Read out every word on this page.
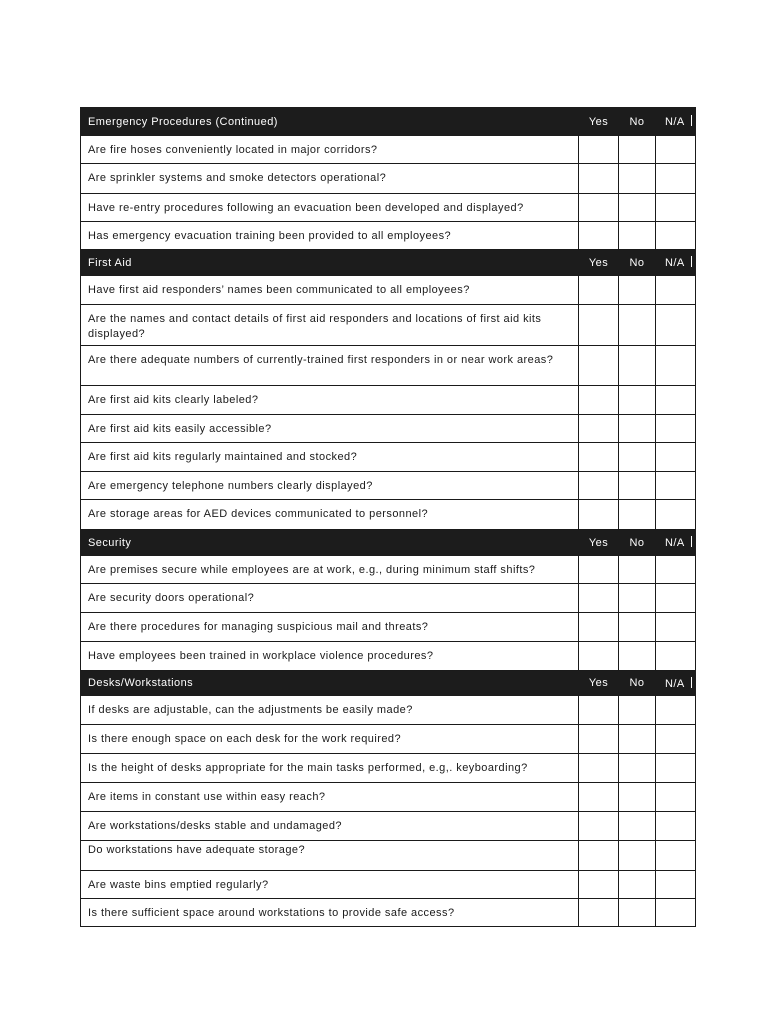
Emergency Procedures (Continued)	Yes	No	N/A
Are fire hoses conveniently located in major corridors?			
Are sprinkler systems and smoke detectors operational?			
Have re-entry procedures following an evacuation been developed and displayed?			
Has emergency evacuation training been provided to all employees?			
First Aid	Yes	No	N/A
Have first aid responders’ names been communicated to all employees?			
Are the names and contact details of first aid responders and locations of first aid kits displayed?			
Are there adequate numbers of currently-trained first responders in or near work areas?			
Are first aid kits clearly labeled?			
Are first aid kits easily accessible?			
Are first aid kits regularly maintained and stocked?			
Are emergency telephone numbers clearly displayed?			
Are storage areas for AED devices communicated to personnel?			
Security	Yes	No	N/A
Are premises secure while employees are at work, e.g., during minimum staff shifts?			
Are security doors operational?			
Are there procedures for managing suspicious mail and threats?			
Have employees been trained in workplace violence procedures?			
Desks/Workstations	Yes	No	N/A
If desks are adjustable, can the adjustments be easily made?			
Is there enough space on each desk for the work required?			
Is the height of desks appropriate for the main tasks performed, e.g,. keyboarding?			
Are items in constant use within easy reach?			
Are workstations/desks stable and undamaged?			
Do workstations have adequate storage?			
Are waste bins emptied regularly?			
Is there sufficient space around workstations to provide safe access?			
